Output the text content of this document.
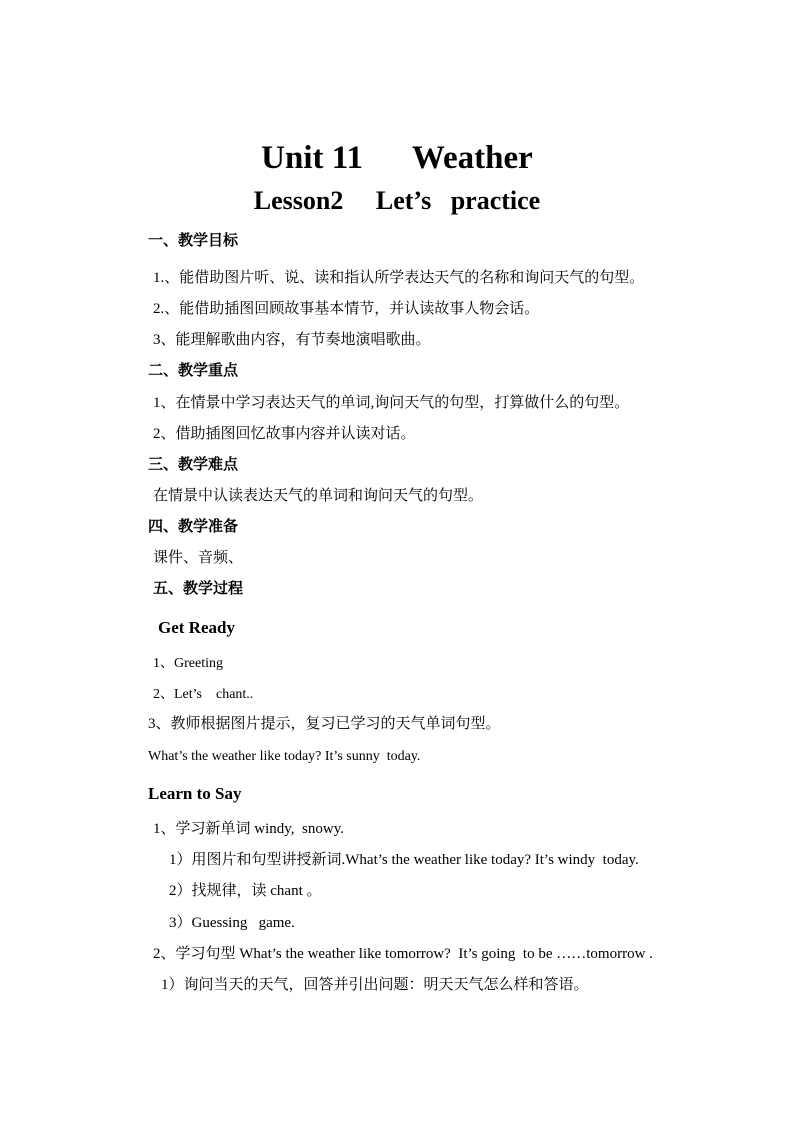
Unit 11      Weather
Lesson2     Let’s   practice
一、教学目标
1.、能借助图片听、说、读和指认所学表达天气的名称和询问天气的句型。
2.、能借助插图回顾故事基本情节，并认读故事人物会话。
3、能理解歌曲内容，有节奏地演唱歌曲。
二、教学重点
1、在情景中学习表达天气的单词,询问天气的句型，打算做什么的句型。
2、借助插图回忆故事内容并认读对话。
三、教学难点
在情景中认读表达天气的单词和询问天气的句型。
四、教学准备
课件、音频、
五、教学过程
Get Ready
1、Greeting
2、Let’s    chant..
3、教师根据图片提示，复习已学习的天气单词句型。
What’s the weather like today? It’s sunny  today.
Learn to Say
1、学习新单词 windy,  snowy.
1）用图片和句型讲授新词.What’s the weather like today? It’s windy  today.
2）找规律，读 chant 。
3）Guessing   game.
2、学习句型 What’s the weather like tomorrow?  It’s going  to be ……tomorrow .
1）询问当天的天气，回答并引出问题：明天天气怎么样和答语。
